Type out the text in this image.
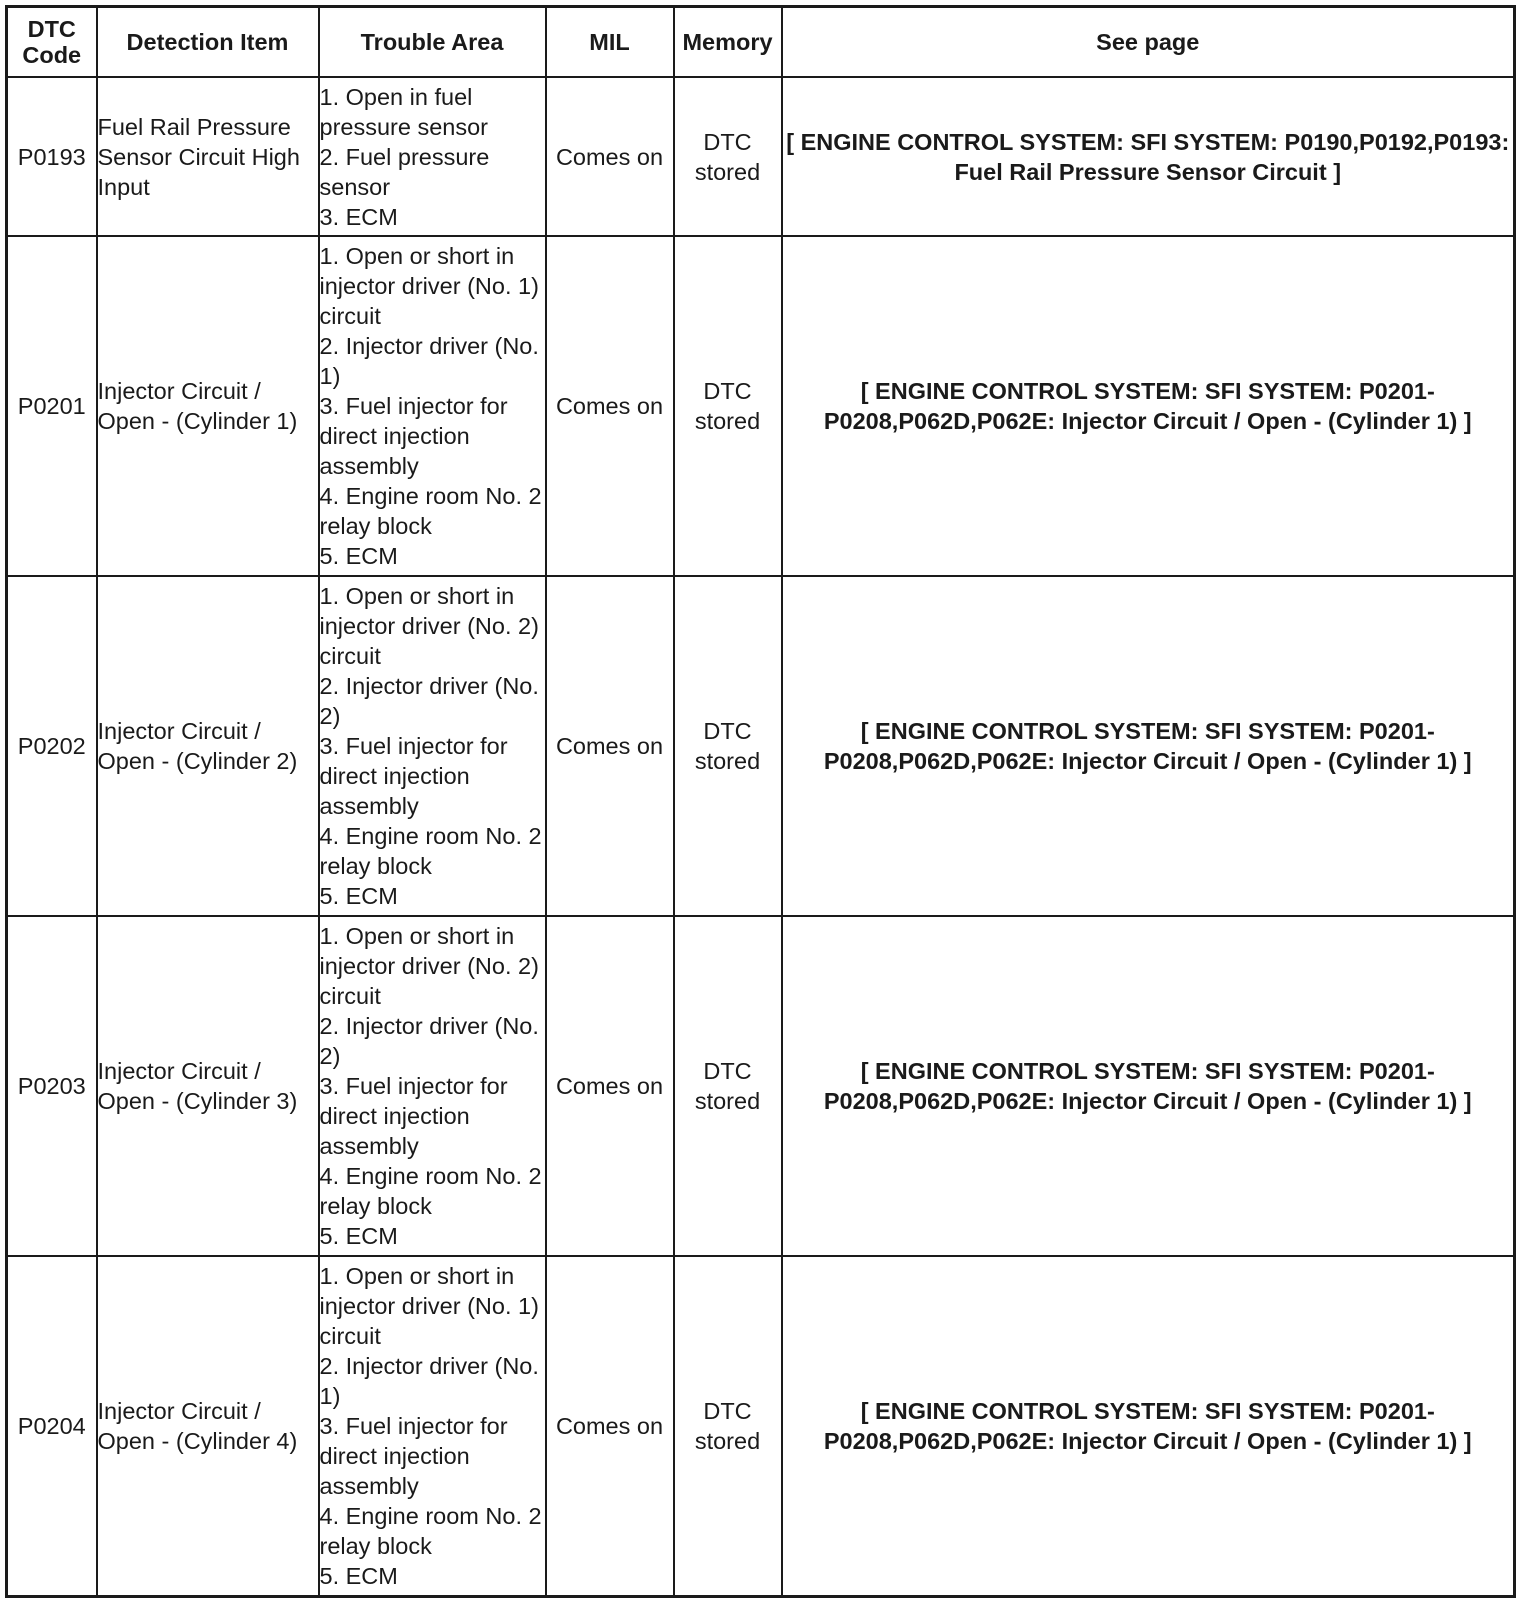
DTC Code	Detection Item	Trouble Area	MIL	Memory	See page
P0193	Fuel Rail Pressure Sensor Circuit High Input	1. Open in fuel pressure sensor
2. Fuel pressure sensor
3. ECM	Comes on	DTC stored	[ ENGINE CONTROL SYSTEM: SFI SYSTEM: P0190,P0192,P0193: Fuel Rail Pressure Sensor Circuit ]
P0201	Injector Circuit / Open - (Cylinder 1)	1. Open or short in injector driver (No. 1) circuit
2. Injector driver (No. 1)
3. Fuel injector for direct injection assembly
4. Engine room No. 2 relay block
5. ECM	Comes on	DTC stored	[ ENGINE CONTROL SYSTEM: SFI SYSTEM: P0201-P0208,P062D,P062E: Injector Circuit / Open - (Cylinder 1) ]
P0202	Injector Circuit / Open - (Cylinder 2)	1. Open or short in injector driver (No. 2) circuit
2. Injector driver (No. 2)
3. Fuel injector for direct injection assembly
4. Engine room No. 2 relay block
5. ECM	Comes on	DTC stored	[ ENGINE CONTROL SYSTEM: SFI SYSTEM: P0201-P0208,P062D,P062E: Injector Circuit / Open - (Cylinder 1) ]
P0203	Injector Circuit / Open - (Cylinder 3)	1. Open or short in injector driver (No. 2) circuit
2. Injector driver (No. 2)
3. Fuel injector for direct injection assembly
4. Engine room No. 2 relay block
5. ECM	Comes on	DTC stored	[ ENGINE CONTROL SYSTEM: SFI SYSTEM: P0201-P0208,P062D,P062E: Injector Circuit / Open - (Cylinder 1) ]
P0204	Injector Circuit / Open - (Cylinder 4)	1. Open or short in injector driver (No. 1) circuit
2. Injector driver (No. 1)
3. Fuel injector for direct injection assembly
4. Engine room No. 2 relay block
5. ECM	Comes on	DTC stored	[ ENGINE CONTROL SYSTEM: SFI SYSTEM: P0201-P0208,P062D,P062E: Injector Circuit / Open - (Cylinder 1) ]
